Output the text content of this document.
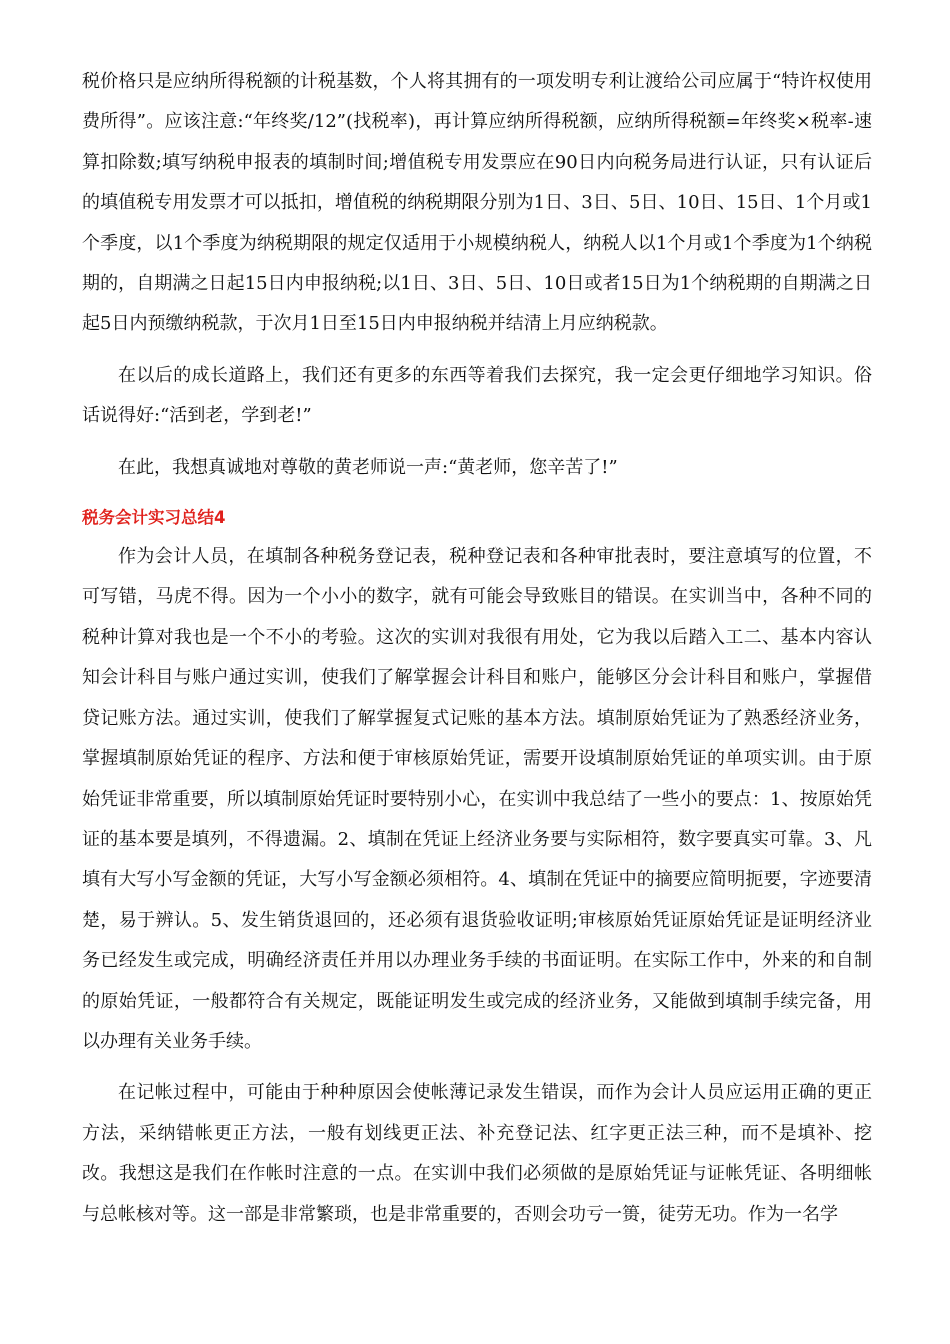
税价格只是应纳所得税额的计税基数，个人将其拥有的一项发明专利让渡给公司应属于“特许权使用费所得”。应该注意:“年终奖/12”(找税率)，再计算应纳所得税额，应纳所得税额=年终奖×税率-速算扣除数;填写纳税申报表的填制时间;增值税专用发票应在90日内向税务局进行认证，只有认证后的填值税专用发票才可以抵扣，增值税的纳税期限分别为1日、3日、5日、10日、15日、1个月或1个季度，以1个季度为纳税期限的规定仅适用于小规模纳税人，纳税人以1个月或1个季度为1个纳税期的，自期满之日起15日内申报纳税;以1日、3日、5日、10日或者15日为1个纳税期的自期满之日起5日内预缴纳税款，于次月1日至15日内申报纳税并结清上月应纳税款。

在以后的成长道路上，我们还有更多的东西等着我们去探究，我一定会更仔细地学习知识。俗话说得好:“活到老，学到老!”

在此，我想真诚地对尊敬的黄老师说一声:“黄老师，您辛苦了!”

税务会计实习总结4

作为会计人员，在填制各种税务登记表，税种登记表和各种审批表时，要注意填写的位置，不可写错，马虎不得。因为一个小小的数字，就有可能会导致账目的错误。在实训当中，各种不同的税种计算对我也是一个不小的考验。这次的实训对我很有用处，它为我以后踏入工二、基本内容认知会计科目与账户通过实训，使我们了解掌握会计科目和账户，能够区分会计科目和账户，掌握借贷记账方法。通过实训，使我们了解掌握复式记账的基本方法。填制原始凭证为了熟悉经济业务，掌握填制原始凭证的程序、方法和便于审核原始凭证，需要开设填制原始凭证的单项实训。由于原始凭证非常重要，所以填制原始凭证时要特别小心，在实训中我总结了一些小的要点：1、按原始凭证的基本要是填列，不得遗漏。2、填制在凭证上经济业务要与实际相符，数字要真实可靠。3、凡填有大写小写金额的凭证，大写小写金额必须相符。4、填制在凭证中的摘要应简明扼要，字迹要清楚，易于辨认。5、发生销货退回的，还必须有退货验收证明;审核原始凭证原始凭证是证明经济业务已经发生或完成，明确经济责任并用以办理业务手续的书面证明。在实际工作中，外来的和自制的原始凭证，一般都符合有关规定，既能证明发生或完成的经济业务，又能做到填制手续完备，用以办理有关业务手续。

在记帐过程中，可能由于种种原因会使帐薄记录发生错误，而作为会计人员应运用正确的更正方法，采纳错帐更正方法，一般有划线更正法、补充登记法、红字更正法三种，而不是填补、挖改。我想这是我们在作帐时注意的一点。在实训中我们必须做的是原始凭证与证帐凭证、各明细帐与总帐核对等。这一部是非常繁琐，也是非常重要的，否则会功亏一篑，徒劳无功。作为一名学
